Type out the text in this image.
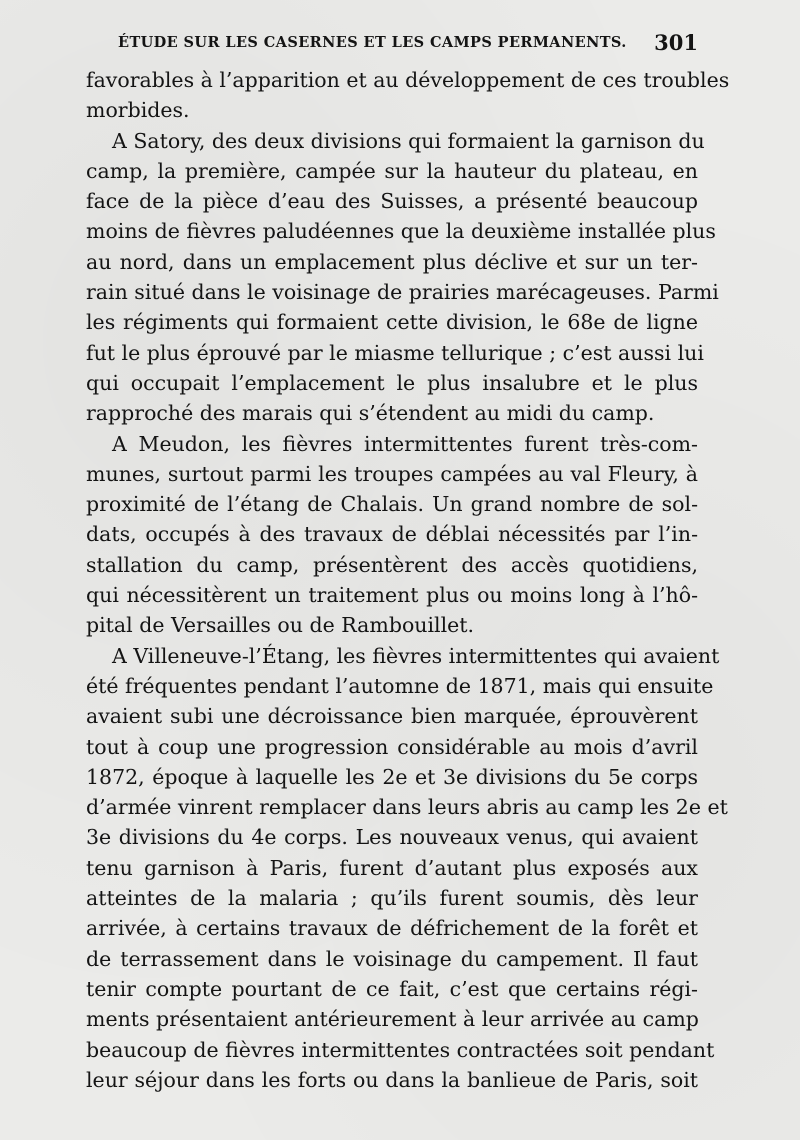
ÉTUDE SUR LES CASERNES ET LES CAMPS PERMANENTS. 301
favorables à l’apparition et au développement de ces troubles
morbides.
A Satory, des deux divisions qui formaient la garnison du
camp, la première, campée sur la hauteur du plateau, en
face de la pièce d’eau des Suisses, a présenté beaucoup
moins de fièvres paludéennes que la deuxième installée plus
au nord, dans un emplacement plus déclive et sur un ter-
rain situé dans le voisinage de prairies marécageuses. Parmi
les régiments qui formaient cette division, le 68e de ligne
fut le plus éprouvé par le miasme tellurique ; c’est aussi lui
qui occupait l’emplacement le plus insalubre et le plus
rapproché des marais qui s’étendent au midi du camp.
A Meudon, les fièvres intermittentes furent très-com-
munes, surtout parmi les troupes campées au val Fleury, à
proximité de l’étang de Chalais. Un grand nombre de sol-
dats, occupés à des travaux de déblai nécessités par l’in-
stallation du camp, présentèrent des accès quotidiens,
qui nécessitèrent un traitement plus ou moins long à l’hô-
pital de Versailles ou de Rambouillet.
A Villeneuve-l’Étang, les fièvres intermittentes qui avaient
été fréquentes pendant l’automne de 1871, mais qui ensuite
avaient subi une décroissance bien marquée, éprouvèrent
tout à coup une progression considérable au mois d’avril
1872, époque à laquelle les 2e et 3e divisions du 5e corps
d’armée vinrent remplacer dans leurs abris au camp les 2e et
3e divisions du 4e corps. Les nouveaux venus, qui avaient
tenu garnison à Paris, furent d’autant plus exposés aux
atteintes de la malaria ; qu’ils furent soumis, dès leur
arrivée, à certains travaux de défrichement de la forêt et
de terrassement dans le voisinage du campement. Il faut
tenir compte pourtant de ce fait, c’est que certains régi-
ments présentaient antérieurement à leur arrivée au camp
beaucoup de fièvres intermittentes contractées soit pendant
leur séjour dans les forts ou dans la banlieue de Paris, soit
